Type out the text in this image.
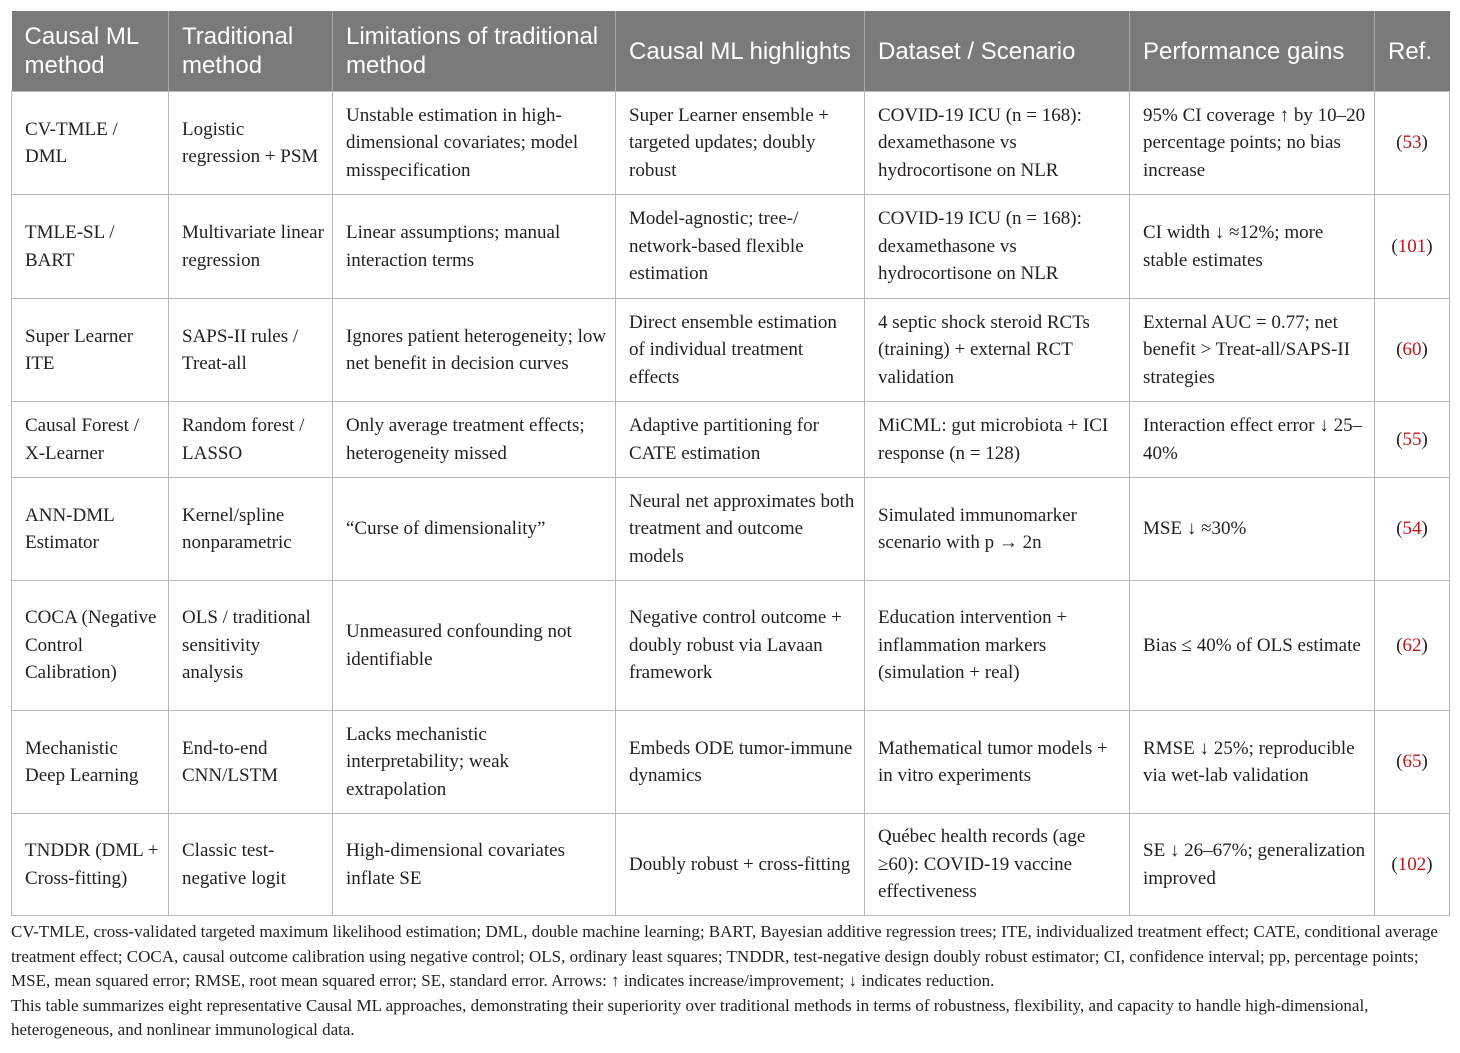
Causal ML method	Traditional method	Limitations of traditional method	Causal ML highlights	Dataset / Scenario	Performance gains	Ref.
CV-TMLE / DML	Logistic regression + PSM	Unstable estimation in high-dimensional covariates; model misspecification	Super Learner ensemble + targeted updates; doubly robust	COVID-19 ICU (n = 168): dexamethasone vs hydrocortisone on NLR	95% CI coverage ↑ by 10–20 percentage points; no bias increase	(53)
TMLE-SL / BART	Multivariate linear regression	Linear assumptions; manual interaction terms	Model-agnostic; tree-/ network-based flexible estimation	COVID-19 ICU (n = 168): dexamethasone vs hydrocortisone on NLR	CI width ↓ ≈12%; more stable estimates	(101)
Super Learner ITE	SAPS-II rules / Treat-all	Ignores patient heterogeneity; low net benefit in decision curves	Direct ensemble estimation of individual treatment effects	4 septic shock steroid RCTs (training) + external RCT validation	External AUC = 0.77; net benefit > Treat-all/SAPS-II strategies	(60)
Causal Forest / X-Learner	Random forest / LASSO	Only average treatment effects; heterogeneity missed	Adaptive partitioning for CATE estimation	MiCML: gut microbiota + ICI response (n = 128)	Interaction effect error ↓ 25–40%	(55)
ANN-DML Estimator	Kernel/spline nonparametric	“Curse of dimensionality”	Neural net approximates both treatment and outcome models	Simulated immunomarker scenario with p → 2n	MSE ↓ ≈30%	(54)
COCA (Negative Control Calibration)	OLS / traditional sensitivity analysis	Unmeasured confounding not identifiable	Negative control outcome + doubly robust via Lavaan framework	Education intervention + inflammation markers (simulation + real)	Bias ≤ 40% of OLS estimate	(62)
Mechanistic Deep Learning	End-to-end CNN/LSTM	Lacks mechanistic interpretability; weak extrapolation	Embeds ODE tumor-immune dynamics	Mathematical tumor models + in vitro experiments	RMSE ↓ 25%; reproducible via wet-lab validation	(65)
TNDDR (DML + Cross-fitting)	Classic test-negative logit	High-dimensional covariates inflate SE	Doubly robust + cross-fitting	Québec health records (age ≥60): COVID-19 vaccine effectiveness	SE ↓ 26–67%; generalization improved	(102)

CV-TMLE, cross-validated targeted maximum likelihood estimation; DML, double machine learning; BART, Bayesian additive regression trees; ITE, individualized treatment effect; CATE, conditional average treatment effect; COCA, causal outcome calibration using negative control; OLS, ordinary least squares; TNDDR, test-negative design doubly robust estimator; CI, confidence interval; pp, percentage points; MSE, mean squared error; RMSE, root mean squared error; SE, standard error. Arrows: ↑ indicates increase/improvement; ↓ indicates reduction.

This table summarizes eight representative Causal ML approaches, demonstrating their superiority over traditional methods in terms of robustness, flexibility, and capacity to handle high-dimensional, heterogeneous, and nonlinear immunological data.
